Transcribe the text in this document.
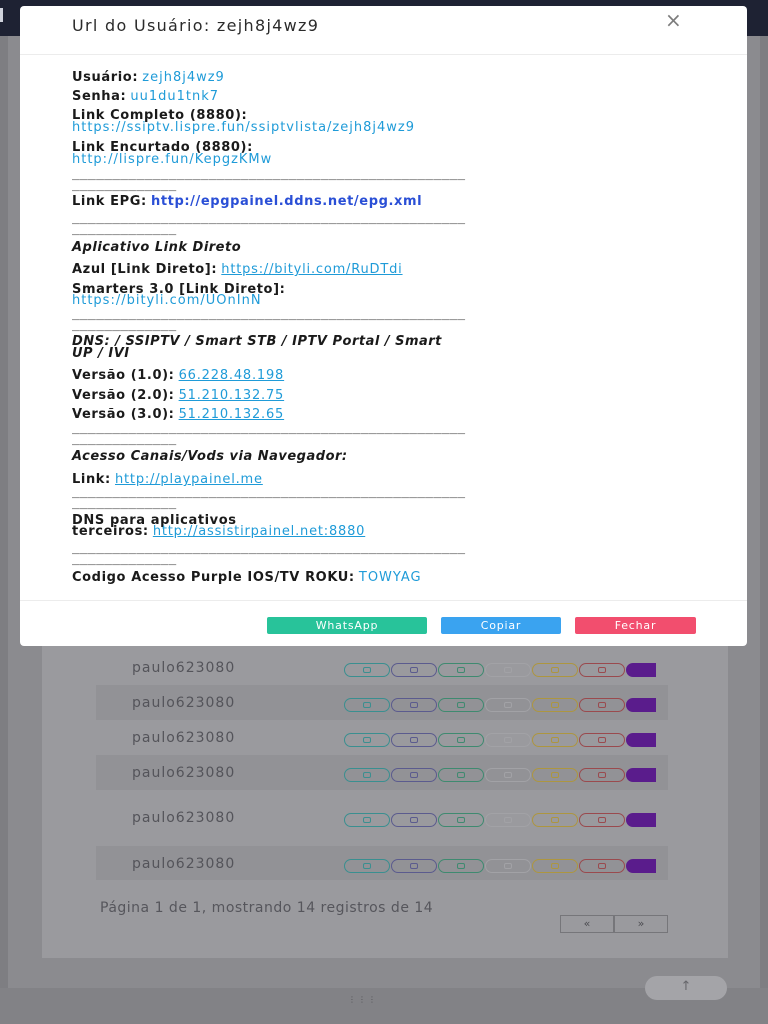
paulo623080
paulo623080
paulo623080
paulo623080
paulo623080
paulo623080
Página 1 de 1, mostrando 14 registros de 14
«	»
⋮⋮⋮
↑
Url do Usuário: zejh8j4wz9	×
Usuário: zejh8j4wz9
Senha: uu1du1tnk7
Link Completo (8880):
https://ssiptv.lispre.fun/ssiptvlista/zejh8j4wz9
Link Encurtado (8880):
http://lispre.fun/KepgzKMw
_________________________________________________
_____________
Link EPG: http://epgpainel.ddns.net/epg.xml
_________________________________________________
_____________
Aplicativo Link Direto
Azul [Link Direto]: https://bityli.com/RuDTdi
Smarters 3.0 [Link Direto]:
https://bityli.com/UOnInN
_________________________________________________
_____________
DNS: / SSIPTV / Smart STB / IPTV Portal / Smart
UP / IVI
Versão (1.0): 66.228.48.198
Versão (2.0): 51.210.132.75
Versão (3.0): 51.210.132.65
_________________________________________________
_____________
Acesso Canais/Vods via Navegador:
Link: http://playpainel.me
_________________________________________________
_____________
DNS para aplicativos
terceiros: http://assistirpainel.net:8880
_________________________________________________
_____________
Codigo Acesso Purple IOS/TV ROKU: TOWYAG
WhatsApp	Copiar	Fechar
